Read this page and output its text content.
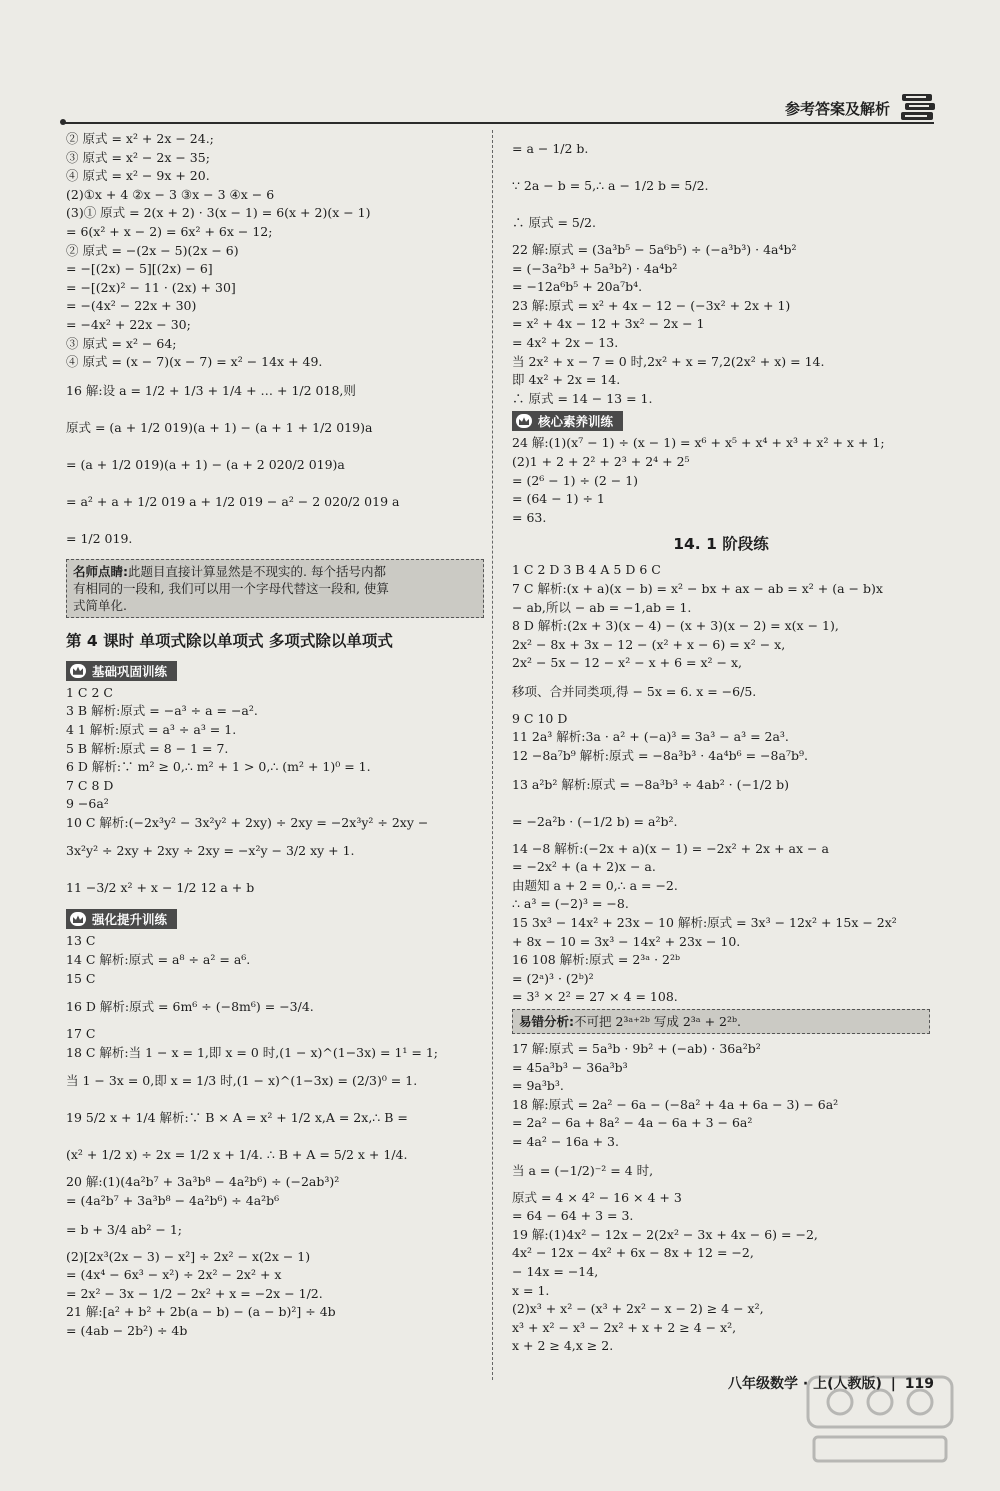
参考答案及解析
② 原式 = x² + 2x − 24.;
③ 原式 = x² − 2x − 35;
④ 原式 = x² − 9x + 20.
(2)①x + 4 ②x − 3 ③x − 3 ④x − 6
(3)① 原式 = 2(x + 2) · 3(x − 1) = 6(x + 2)(x − 1)
= 6(x² + x − 2) = 6x² + 6x − 12;
② 原式 = −(2x − 5)(2x − 6)
= −[(2x) − 5][(2x) − 6]
= −[(2x)² − 11 · (2x) + 30]
= −(4x² − 22x + 30)
= −4x² + 22x − 30;
③ 原式 = x² − 64;
④ 原式 = (x − 7)(x − 7) = x² − 14x + 49.
16 解:设 a = 1/2 + 1/3 + 1/4 + … + 1/2 018,则
原式 = (a + 1/2 019)(a + 1) − (a + 1 + 1/2 019)a
= (a + 1/2 019)(a + 1) − (a + 2 020/2 019)a
= a² + a + 1/2 019 a + 1/2 019 − a² − 2 020/2 019 a
= 1/2 019.
名师点睛:此题目直接计算显然是不现实的. 每个括号内都
有相同的一段和, 我们可以用一个字母代替这一段和, 使算
式简单化.
第 4 课时 单项式除以单项式 多项式除以单项式
基础巩固训练
1 C 2 C
3 B 解析:原式 = −a³ ÷ a = −a².
4 1 解析:原式 = a³ ÷ a³ = 1.
5 B 解析:原式 = 8 − 1 = 7.
6 D 解析:∵ m² ≥ 0,∴ m² + 1 > 0,∴ (m² + 1)⁰ = 1.
7 C 8 D
9 −6a²
10 C 解析:(−2x³y² − 3x²y² + 2xy) ÷ 2xy = −2x³y² ÷ 2xy −
3x²y² ÷ 2xy + 2xy ÷ 2xy = −x²y − 3/2 xy + 1.
11 −3/2 x² + x − 1/2 12 a + b
强化提升训练
13 C
14 C 解析:原式 = a⁸ ÷ a² = a⁶.
15 C
16 D 解析:原式 = 6m⁶ ÷ (−8m⁶) = −3/4.
17 C
18 C 解析:当 1 − x = 1,即 x = 0 时,(1 − x)^(1−3x) = 1¹ = 1;
当 1 − 3x = 0,即 x = 1/3 时,(1 − x)^(1−3x) = (2/3)⁰ = 1.
19 5/2 x + 1/4 解析:∵ B × A = x² + 1/2 x,A = 2x,∴ B =
(x² + 1/2 x) ÷ 2x = 1/2 x + 1/4. ∴ B + A = 5/2 x + 1/4.
20 解:(1)(4a²b⁷ + 3a³b⁸ − 4a²b⁶) ÷ (−2ab³)²
= (4a²b⁷ + 3a³b⁸ − 4a²b⁶) ÷ 4a²b⁶
= b + 3/4 ab² − 1;
(2)[2x³(2x − 3) − x²] ÷ 2x² − x(2x − 1)
= (4x⁴ − 6x³ − x²) ÷ 2x² − 2x² + x
= 2x² − 3x − 1/2 − 2x² + x = −2x − 1/2.
21 解:[a² + b² + 2b(a − b) − (a − b)²] ÷ 4b
= (4ab − 2b²) ÷ 4b
= a − 1/2 b.
∵ 2a − b = 5,∴ a − 1/2 b = 5/2.
∴ 原式 = 5/2.
22 解:原式 = (3a³b⁵ − 5a⁶b⁵) ÷ (−a³b³) · 4a⁴b²
= (−3a²b³ + 5a³b²) · 4a⁴b²
= −12a⁶b⁵ + 20a⁷b⁴.
23 解:原式 = x² + 4x − 12 − (−3x² + 2x + 1)
= x² + 4x − 12 + 3x² − 2x − 1
= 4x² + 2x − 13.
当 2x² + x − 7 = 0 时,2x² + x = 7,2(2x² + x) = 14.
即 4x² + 2x = 14.
∴ 原式 = 14 − 13 = 1.
核心素养训练
24 解:(1)(x⁷ − 1) ÷ (x − 1) = x⁶ + x⁵ + x⁴ + x³ + x² + x + 1;
(2)1 + 2 + 2² + 2³ + 2⁴ + 2⁵
= (2⁶ − 1) ÷ (2 − 1)
= (64 − 1) ÷ 1
= 63.
14. 1 阶段练
1 C 2 D 3 B 4 A 5 D 6 C
7 C 解析:(x + a)(x − b) = x² − bx + ax − ab = x² + (a − b)x
− ab,所以 − ab = −1,ab = 1.
8 D 解析:(2x + 3)(x − 4) − (x + 3)(x − 2) = x(x − 1),
2x² − 8x + 3x − 12 − (x² + x − 6) = x² − x,
2x² − 5x − 12 − x² − x + 6 = x² − x,
移项、合并同类项,得 − 5x = 6. x = −6/5.
9 C 10 D
11 2a³ 解析:3a · a² + (−a)³ = 3a³ − a³ = 2a³.
12 −8a⁷b⁹ 解析:原式 = −8a³b³ · 4a⁴b⁶ = −8a⁷b⁹.
13 a²b² 解析:原式 = −8a³b³ ÷ 4ab² · (−1/2 b)
= −2a²b · (−1/2 b) = a²b².
14 −8 解析:(−2x + a)(x − 1) = −2x² + 2x + ax − a
= −2x² + (a + 2)x − a.
由题知 a + 2 = 0,∴ a = −2.
∴ a³ = (−2)³ = −8.
15 3x³ − 14x² + 23x − 10 解析:原式 = 3x³ − 12x² + 15x − 2x²
+ 8x − 10 = 3x³ − 14x² + 23x − 10.
16 108 解析:原式 = 2³ᵃ · 2²ᵇ
= (2ᵃ)³ · (2ᵇ)²
= 3³ × 2² = 27 × 4 = 108.
易错分析:不可把 2³ᵃ⁺²ᵇ 写成 2³ᵃ + 2²ᵇ.
17 解:原式 = 5a³b · 9b² + (−ab) · 36a²b²
= 45a³b³ − 36a³b³
= 9a³b³.
18 解:原式 = 2a² − 6a − (−8a² + 4a + 6a − 3) − 6a²
= 2a² − 6a + 8a² − 4a − 6a + 3 − 6a²
= 4a² − 16a + 3.
当 a = (−1/2)⁻² = 4 时,
原式 = 4 × 4² − 16 × 4 + 3
= 64 − 64 + 3 = 3.
19 解:(1)4x² − 12x − 2(2x² − 3x + 4x − 6) = −2,
4x² − 12x − 4x² + 6x − 8x + 12 = −2,
− 14x = −14,
x = 1.
(2)x³ + x² − (x³ + 2x² − x − 2) ≥ 4 − x²,
x³ + x² − x³ − 2x² + x + 2 ≥ 4 − x²,
x + 2 ≥ 4,x ≥ 2.
八年级数学 · 上(人教版) | 119
